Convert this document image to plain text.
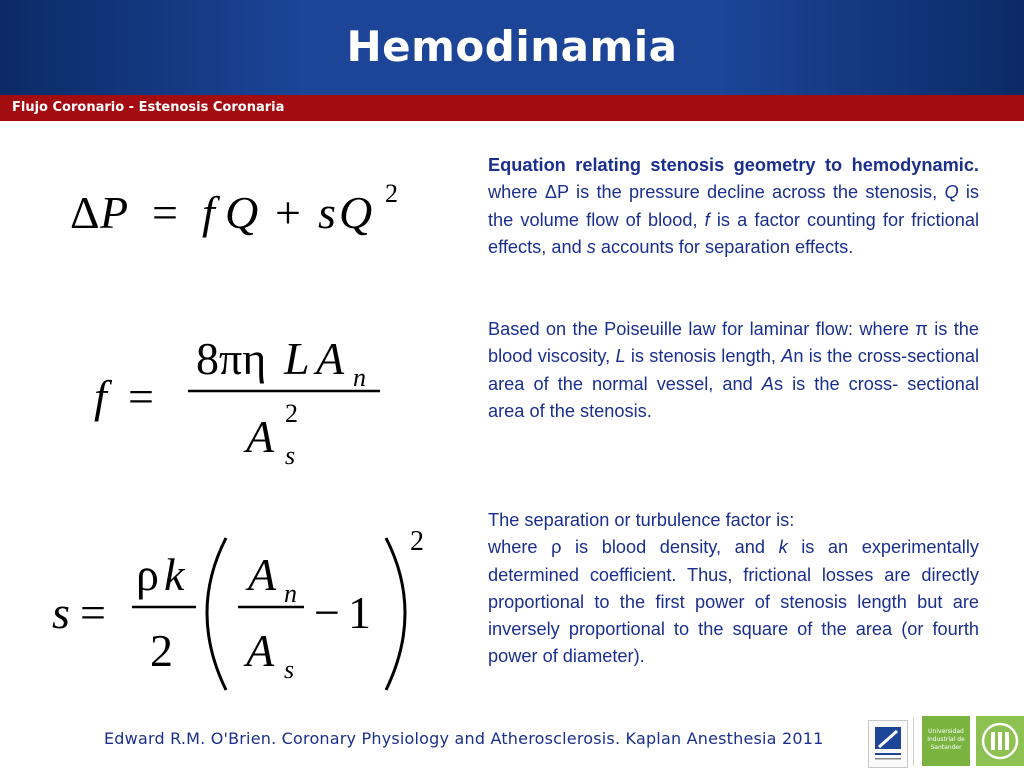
Hemodinamia
Flujo Coronario - Estenosis Coronaria
Δ P = f Q + s Q 2
f =
8πη L A n
A s
2
s =
ρ k
2
A n
A s
− 1
2

Equation relating stenosis geometry to hemodynamic. where ΔP is the pressure decline across the stenosis, Q is the volume flow of blood, f is a factor counting for frictional effects, and s accounts for separation effects.

Based on the Poiseuille law for laminar flow: where π is the blood viscosity, L is stenosis length, An is the cross-sectional area of the normal vessel, and As is the cross- sectional area of the stenosis.

The separation or turbulence factor is:

where ρ is blood density, and k is an experimentally determined coefficient. Thus, frictional losses are directly proportional to the first power of stenosis length but are inversely proportional to the square of the area (or fourth power of diameter).

Edward R.M. O'Brien. Coronary Physiology and Atherosclerosis. Kaplan Anesthesia 2011	Universidad Industrial de Santander
